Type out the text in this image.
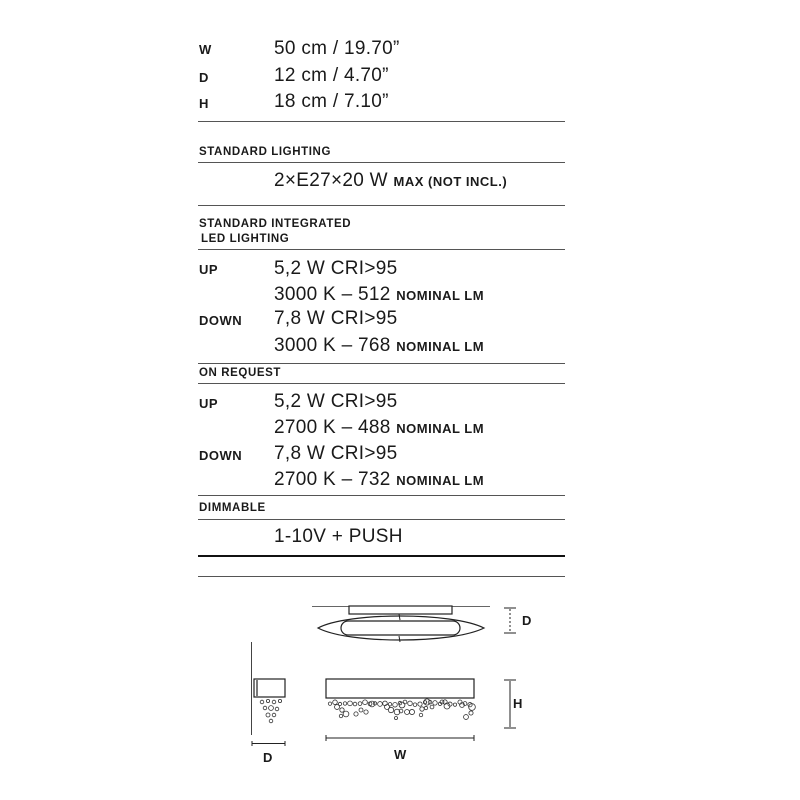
W	50 cm / 19.70”
D	12 cm / 4.70”
H	18 cm / 7.10”
STANDARD LIGHTING
2×E27×20 W MAX (NOT INCL.)
STANDARD INTEGRATED
LED LIGHTING
UP	5,2 W CRI>95
3000 K – 512 NOMINAL LM
DOWN 7,8 W CRI>95
3000 K – 768 NOMINAL LM
ON REQUEST
UP	5,2 W CRI>95
2700 K – 488 NOMINAL LM
DOWN 7,8 W CRI>95
2700 K – 732 NOMINAL LM
DIMMABLE
1-10V + PUSH
D
D
H
W
